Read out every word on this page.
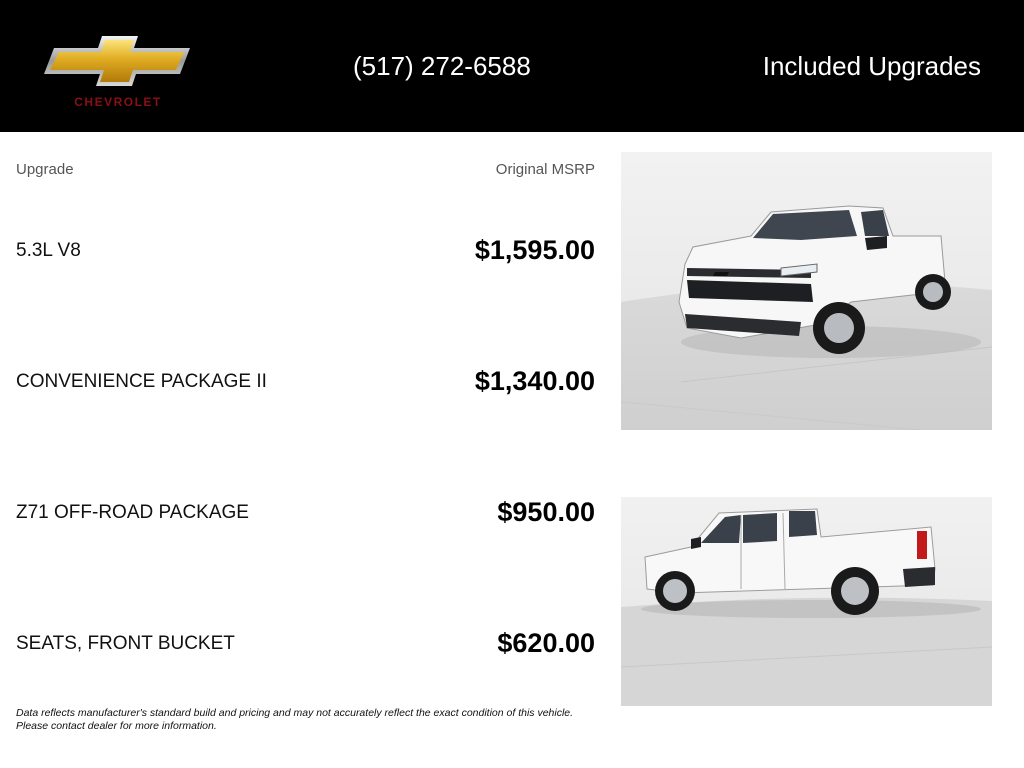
CHEVROLET
(517) 272-6588	Included Upgrades
Upgrade	Original MSRP
5.3L V8	$1,595.00
CONVENIENCE PACKAGE II	$1,340.00
Z71 OFF-ROAD PACKAGE	$950.00
SEATS, FRONT BUCKET	$620.00
Data reflects manufacturer's standard build and pricing and may not accurately reflect the exact condition of this vehicle.
Please contact dealer for more information.
